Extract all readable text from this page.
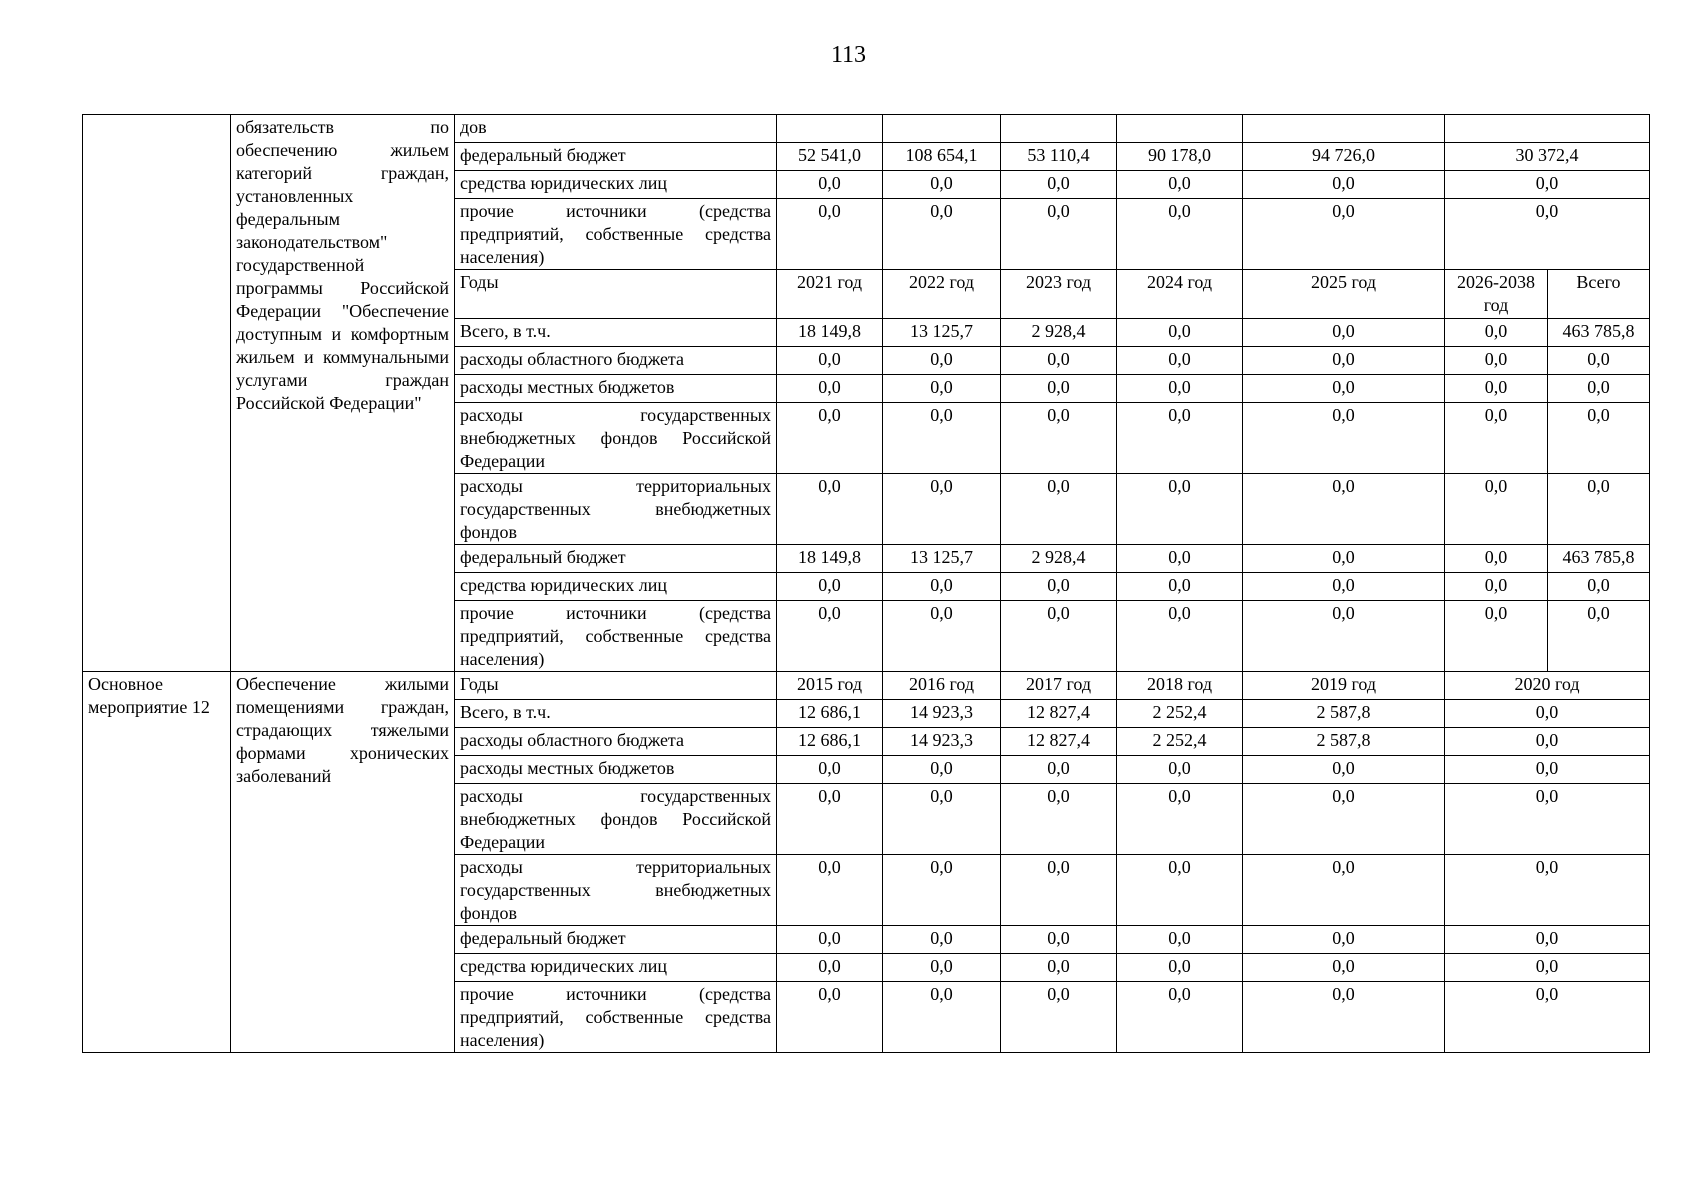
113
	обязательств по обеспечению жильем категорий граждан, установленных федеральным законодательством" государственной программы Российской Федерации "Обеспечение доступным и комфортным жильем и коммунальными услугами граждан Российской Федерации"	дов							
		федеральный бюджет	52 541,0	108 654,1	53 110,4	90 178,0	94 726,0	30 372,4	
		средства юридических лиц	0,0	0,0	0,0	0,0	0,0	0,0	
		прочие источники (средства предприятий, собственные средства населения)	0,0	0,0	0,0	0,0	0,0	0,0	
		Годы	2021 год	2022 год	2023 год	2024 год	2025 год	2026-2038 год	Всего
		Всего, в т.ч.	18 149,8	13 125,7	2 928,4	0,0	0,0	0,0	463 785,8
		расходы областного бюджета	0,0	0,0	0,0	0,0	0,0	0,0	0,0
		расходы местных бюджетов	0,0	0,0	0,0	0,0	0,0	0,0	0,0
		расходы государственных внебюджетных фондов Российской Федерации	0,0	0,0	0,0	0,0	0,0	0,0	0,0
		расходы территориальных государственных внебюджетных фондов	0,0	0,0	0,0	0,0	0,0	0,0	0,0
		федеральный бюджет	18 149,8	13 125,7	2 928,4	0,0	0,0	0,0	463 785,8
		средства юридических лиц	0,0	0,0	0,0	0,0	0,0	0,0	0,0
		прочие источники (средства предприятий, собственные средства населения)	0,0	0,0	0,0	0,0	0,0	0,0	0,0
Основное мероприятие 12	Обеспечение жилыми помещениями граждан, страдающих тяжелыми формами хронических заболеваний	Годы	2015 год	2016 год	2017 год	2018 год	2019 год	2020 год	
		Всего, в т.ч.	12 686,1	14 923,3	12 827,4	2 252,4	2 587,8	0,0	
		расходы областного бюджета	12 686,1	14 923,3	12 827,4	2 252,4	2 587,8	0,0	
		расходы местных бюджетов	0,0	0,0	0,0	0,0	0,0	0,0	
		расходы государственных внебюджетных фондов Российской Федерации	0,0	0,0	0,0	0,0	0,0	0,0	
		расходы территориальных государственных внебюджетных фондов	0,0	0,0	0,0	0,0	0,0	0,0	
		федеральный бюджет	0,0	0,0	0,0	0,0	0,0	0,0	
		средства юридических лиц	0,0	0,0	0,0	0,0	0,0	0,0	
		прочие источники (средства предприятий, собственные средства населения)	0,0	0,0	0,0	0,0	0,0	0,0	
